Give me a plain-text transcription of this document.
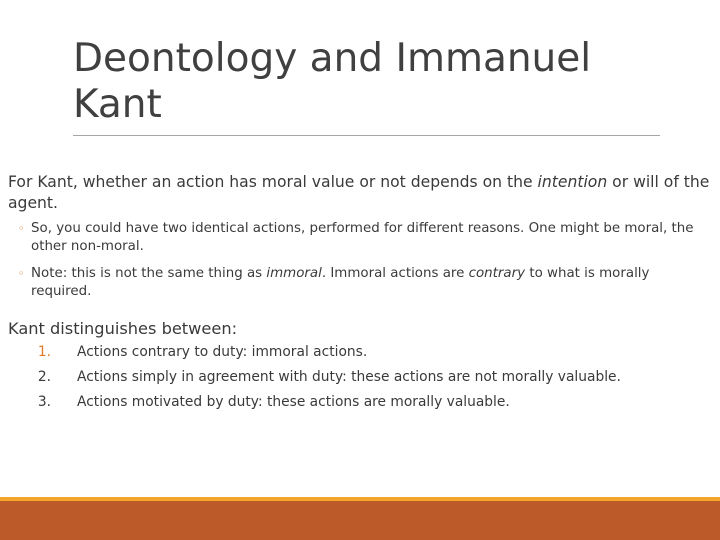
Deontology and Immanuel Kant
For Kant, whether an action has moral value or not depends on the intention or will of the agent.
◦ So, you could have two identical actions, performed for different reasons. One might be moral, the other non-moral.
◦ Note: this is not the same thing as immoral. Immoral actions are contrary to what is morally required.
Kant distinguishes between:
1. Actions contrary to duty: immoral actions.
2. Actions simply in agreement with duty: these actions are not morally valuable.
3. Actions motivated by duty: these actions are morally valuable.
